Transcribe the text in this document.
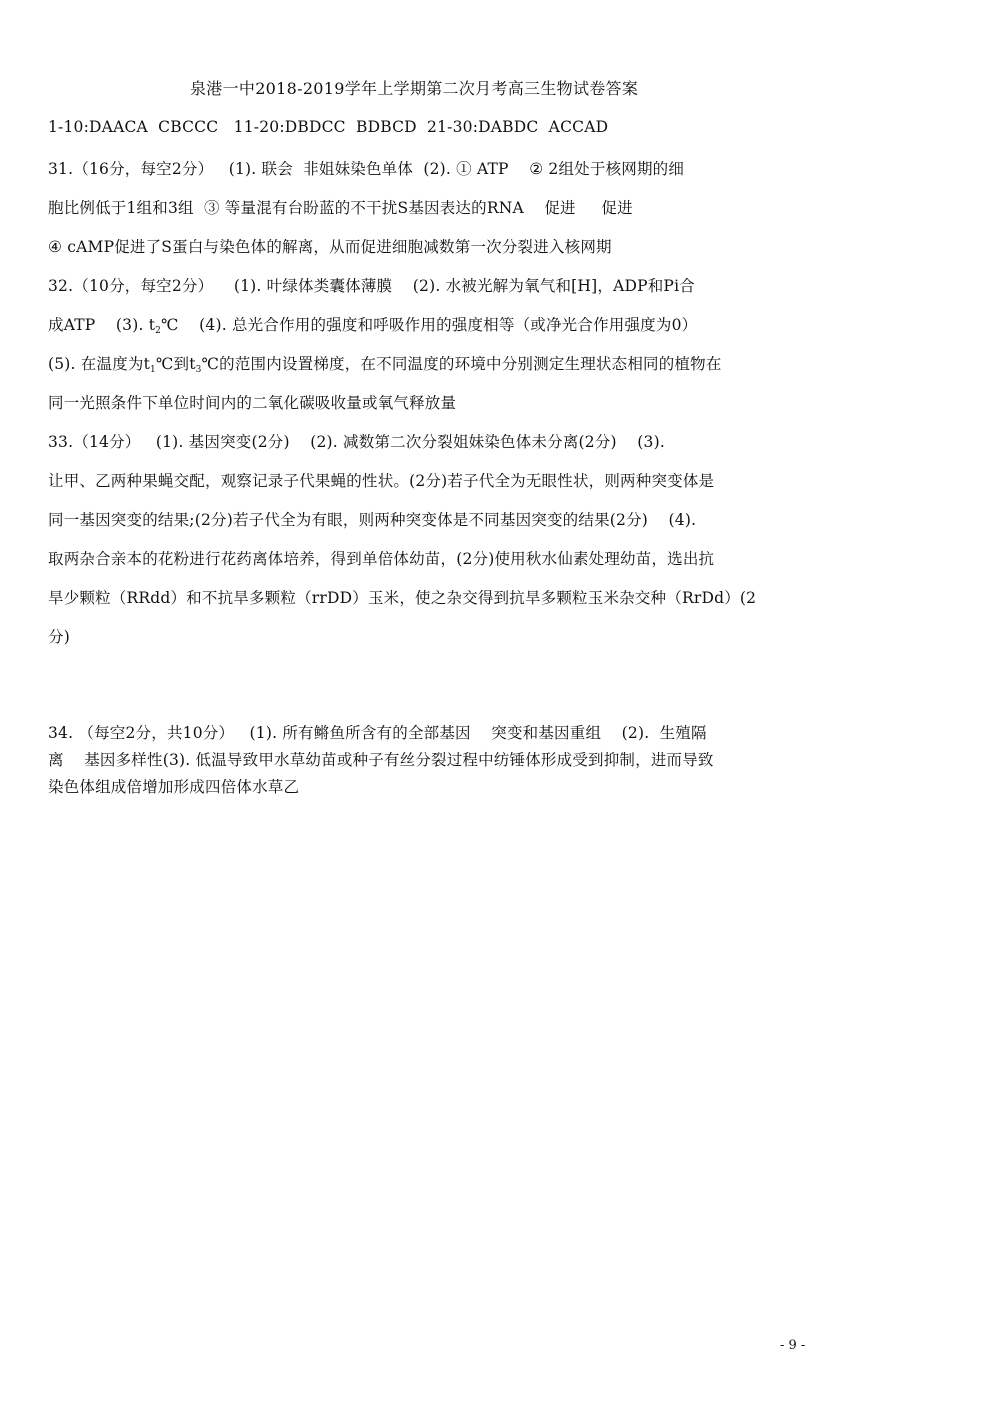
泉港一中2018-2019学年上学期第二次月考高三生物试卷答案
1-10:DAACA  CBCCC   11-20:DBDCC  BDBCD  21-30:DABDC  ACCAD
31.（16分，每空2分）   (1). 联会  非姐妹染色单体  (2). ① ATP    ② 2组处于核网期的细
胞比例低于1组和3组  ③ 等量混有台盼蓝的不干扰S基因表达的RNA    促进     促进
④ cAMP促进了S蛋白与染色体的解离，从而促进细胞减数第一次分裂进入核网期
32.（10分，每空2分）    (1). 叶绿体类囊体薄膜    (2). 水被光解为氧气和[H]，ADP和Pi合
成ATP    (3). $t_2℃$    (4). 总光合作用的强度和呼吸作用的强度相等（或净光合作用强度为0）
(5). 在温度为$t_1℃$到$t_3℃$的范围内设置梯度，在不同温度的环境中分别测定生理状态相同的植物在
同一光照条件下单位时间内的二氧化碳吸收量或氧气释放量
33.（14分）   (1). 基因突变(2分)    (2). 减数第二次分裂姐妹染色体未分离(2分)    (3).
让甲、乙两种果蝇交配，观察记录子代果蝇的性状。(2分)若子代全为无眼性状，则两种突变体是
同一基因突变的结果;(2分)若子代全为有眼，则两种突变体是不同基因突变的结果(2分)    (4).
取两杂合亲本的花粉进行花药离体培养，得到单倍体幼苗，(2分)使用秋水仙素处理幼苗，选出抗
旱少颗粒（RRdd）和不抗旱多颗粒（rrDD）玉米，使之杂交得到抗旱多颗粒玉米杂交种（RrDd）(2
分)
34. （每空2分，共10分）   (1). 所有鳉鱼所含有的全部基因    突变和基因重组    (2).  生殖隔
离    基因多样性(3). 低温导致甲水草幼苗或种子有丝分裂过程中纺锤体形成受到抑制，进而导致
染色体组成倍增加形成四倍体水草乙
- 9 -
